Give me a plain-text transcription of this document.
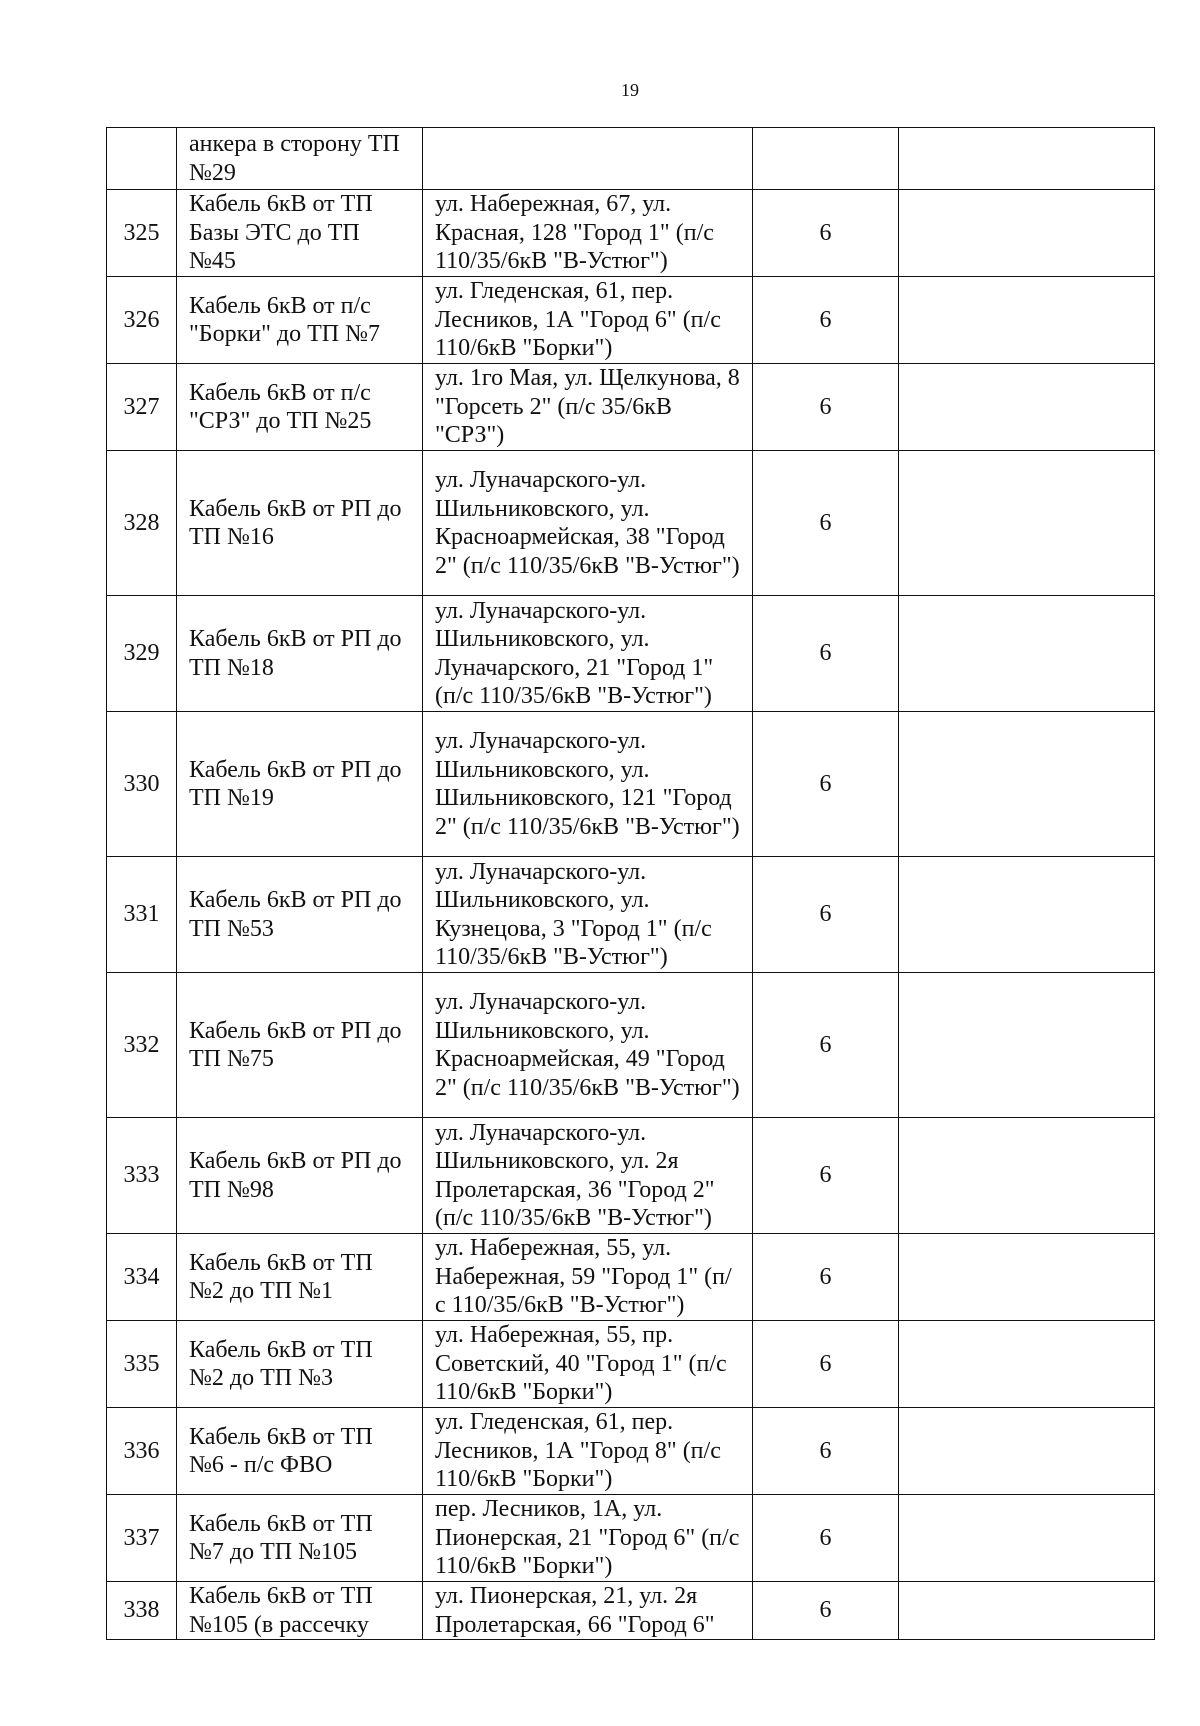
19
	анкера в сторону ТП №29			
325	Кабель 6кВ от ТП Базы ЭТС до ТП №45	ул. Набережная, 67, ул. Красная, 128 "Город 1" (п/с 110/35/6кВ "В-Устюг")	6	
326	Кабель 6кВ от п/с "Борки" до ТП №7	ул. Гледенская, 61, пер. Лесников, 1А "Город 6" (п/с 110/6кВ "Борки")	6	
327	Кабель 6кВ от п/с "СРЗ" до ТП №25	ул. 1го Мая, ул. Щелкунова, 8 "Горсеть 2" (п/с 35/6кВ "СРЗ")	6	
328	Кабель 6кВ от РП до ТП №16	ул. Луначарского-ул. Шильниковского, ул. Красноармейская, 38 "Город 2" (п/с 110/35/6кВ "В-Устюг")	6	
329	Кабель 6кВ от РП до ТП №18	ул. Луначарского-ул. Шильниковского, ул. Луначарского, 21 "Город 1" (п/с 110/35/6кВ "В-Устюг")	6	
330	Кабель 6кВ от РП до ТП №19	ул. Луначарского-ул. Шильниковского, ул. Шильниковского, 121 "Город 2" (п/с 110/35/6кВ "В-Устюг")	6	
331	Кабель 6кВ от РП до ТП №53	ул. Луначарского-ул. Шильниковского, ул. Кузнецова, 3 "Город 1" (п/с 110/35/6кВ "В-Устюг")	6	
332	Кабель 6кВ от РП до ТП №75	ул. Луначарского-ул. Шильниковского, ул. Красноармейская, 49 "Город 2" (п/с 110/35/6кВ "В-Устюг")	6	
333	Кабель 6кВ от РП до ТП №98	ул. Луначарского-ул. Шильниковского, ул. 2я Пролетарская, 36 "Город 2" (п/с 110/35/6кВ "В-Устюг")	6	
334	Кабель 6кВ от ТП №2 до ТП №1	ул. Набережная, 55, ул. Набережная, 59 "Город 1" (п/с 110/35/6кВ "В-Устюг")	6	
335	Кабель 6кВ от ТП №2 до ТП №3	ул. Набережная, 55, пр. Советский, 40 "Город 1" (п/с 110/6кВ "Борки")	6	
336	Кабель 6кВ от ТП №6 - п/с ФВО	ул. Гледенская, 61, пер. Лесников, 1А "Город 8" (п/с 110/6кВ "Борки")	6	
337	Кабель 6кВ от ТП №7 до ТП №105	пер. Лесников, 1А, ул. Пионерская, 21 "Город 6" (п/с 110/6кВ "Борки")	6	
338	Кабель 6кВ от ТП №105 (в рассечку	ул. Пионерская, 21, ул. 2я Пролетарская, 66 "Город 6"	6	
